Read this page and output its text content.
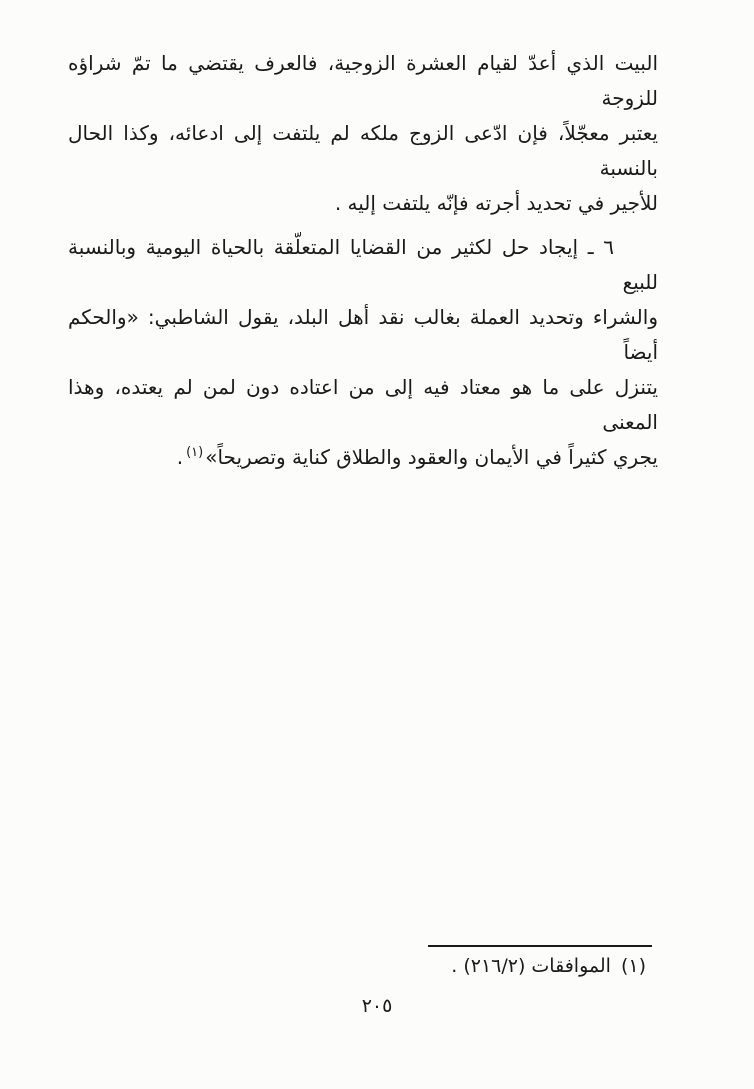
البيت الذي أعدّ لقيام العشرة الزوجية، فالعرف يقتضي ما تمّ شراؤه للزوجة
يعتبر معجّلاً، فإن ادّعى الزوج ملكه لم يلتفت إلى ادعائه، وكذا الحال بالنسبة
للأجير في تحديد أجرته فإنّه يلتفت إليه .
٦ ـ إيجاد حل لكثير من القضايا المتعلّقة بالحياة اليومية وبالنسبة للبيع
والشراء وتحديد العملة بغالب نقد أهل البلد، يقول الشاطبي: «والحكم أيضاً
يتنزل على ما هو معتاد فيه إلى من اعتاده دون لمن لم يعتده، وهذا المعنى
يجري كثيراً في الأيمان والعقود والطلاق كناية وتصريحاً»(١).
(١)الموافقات (٢١٦/٢) .
٢٠٥
